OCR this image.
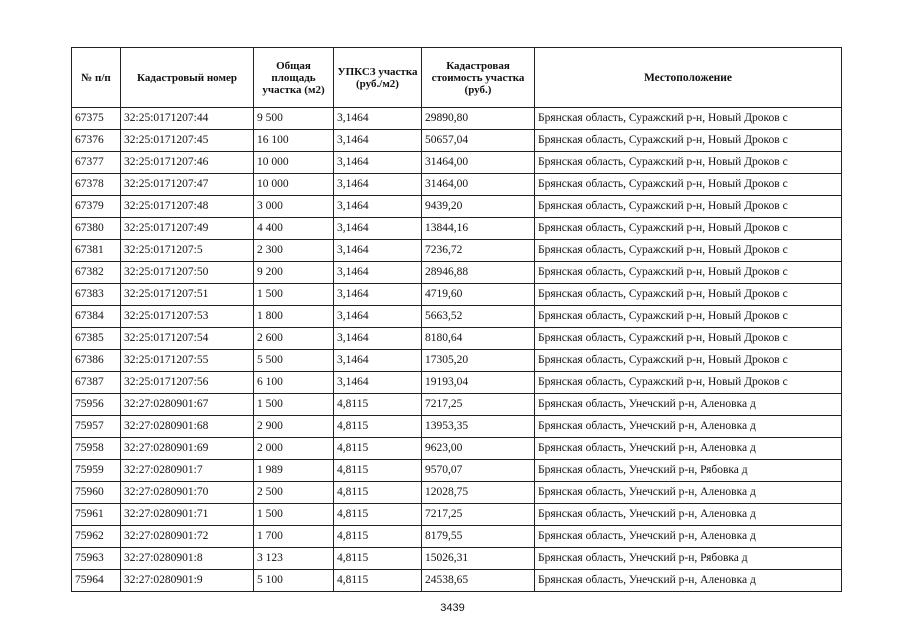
№ п/п	Кадастровый номер	Общая площадь участка (м2)	УПКСЗ участка (руб./м2)	Кадастровая стоимость участка (руб.)	Местоположение
67375	32:25:0171207:44	9 500	3,1464	29890,80	Брянская область, Суражский р-н, Новый Дроков с
67376	32:25:0171207:45	16 100	3,1464	50657,04	Брянская область, Суражский р-н, Новый Дроков с
67377	32:25:0171207:46	10 000	3,1464	31464,00	Брянская область, Суражский р-н, Новый Дроков с
67378	32:25:0171207:47	10 000	3,1464	31464,00	Брянская область, Суражский р-н, Новый Дроков с
67379	32:25:0171207:48	3 000	3,1464	9439,20	Брянская область, Суражский р-н, Новый Дроков с
67380	32:25:0171207:49	4 400	3,1464	13844,16	Брянская область, Суражский р-н, Новый Дроков с
67381	32:25:0171207:5	2 300	3,1464	7236,72	Брянская область, Суражский р-н, Новый Дроков с
67382	32:25:0171207:50	9 200	3,1464	28946,88	Брянская область, Суражский р-н, Новый Дроков с
67383	32:25:0171207:51	1 500	3,1464	4719,60	Брянская область, Суражский р-н, Новый Дроков с
67384	32:25:0171207:53	1 800	3,1464	5663,52	Брянская область, Суражский р-н, Новый Дроков с
67385	32:25:0171207:54	2 600	3,1464	8180,64	Брянская область, Суражский р-н, Новый Дроков с
67386	32:25:0171207:55	5 500	3,1464	17305,20	Брянская область, Суражский р-н, Новый Дроков с
67387	32:25:0171207:56	6 100	3,1464	19193,04	Брянская область, Суражский р-н, Новый Дроков с
75956	32:27:0280901:67	1 500	4,8115	7217,25	Брянская область, Унечский р-н, Аленовка д
75957	32:27:0280901:68	2 900	4,8115	13953,35	Брянская область, Унечский р-н, Аленовка д
75958	32:27:0280901:69	2 000	4,8115	9623,00	Брянская область, Унечский р-н, Аленовка д
75959	32:27:0280901:7	1 989	4,8115	9570,07	Брянская область, Унечский р-н, Рябовка д
75960	32:27:0280901:70	2 500	4,8115	12028,75	Брянская область, Унечский р-н, Аленовка д
75961	32:27:0280901:71	1 500	4,8115	7217,25	Брянская область, Унечский р-н, Аленовка д
75962	32:27:0280901:72	1 700	4,8115	8179,55	Брянская область, Унечский р-н, Аленовка д
75963	32:27:0280901:8	3 123	4,8115	15026,31	Брянская область, Унечский р-н, Рябовка д
75964	32:27:0280901:9	5 100	4,8115	24538,65	Брянская область, Унечский р-н, Аленовка д
3439
